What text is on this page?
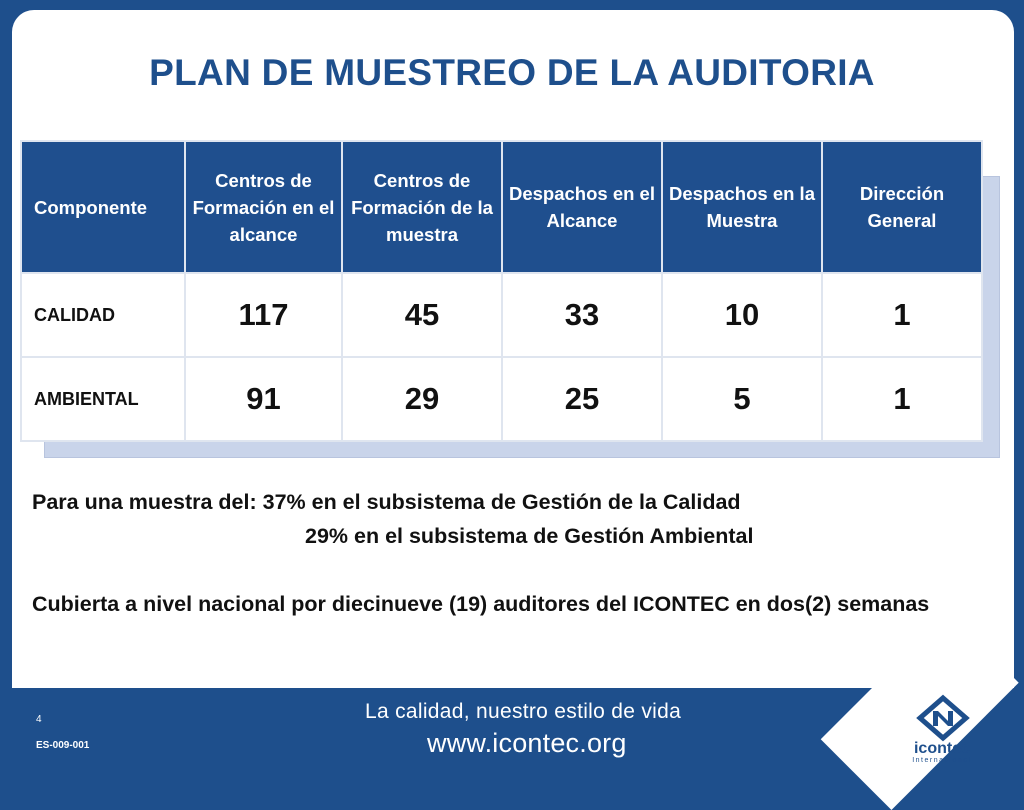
PLAN DE MUESTREO DE LA AUDITORIA
Componente	Centros de Formación en el alcance	Centros de Formación de la muestra	Despachos en el Alcance	Despachos en la Muestra	Dirección General
CALIDAD	117	45	33	10	1
AMBIENTAL	91	29	25	5	1

Para una muestra del: 37% en el subsistema de Gestión de la Calidad

29% en el subsistema de Gestión Ambiental

Cubierta a nivel nacional por diecinueve (19) auditores del ICONTEC en dos(2) semanas

4	La calidad, nuestro estilo de vida

www.icontec.org

ES-009-001	icontec

Internacional
